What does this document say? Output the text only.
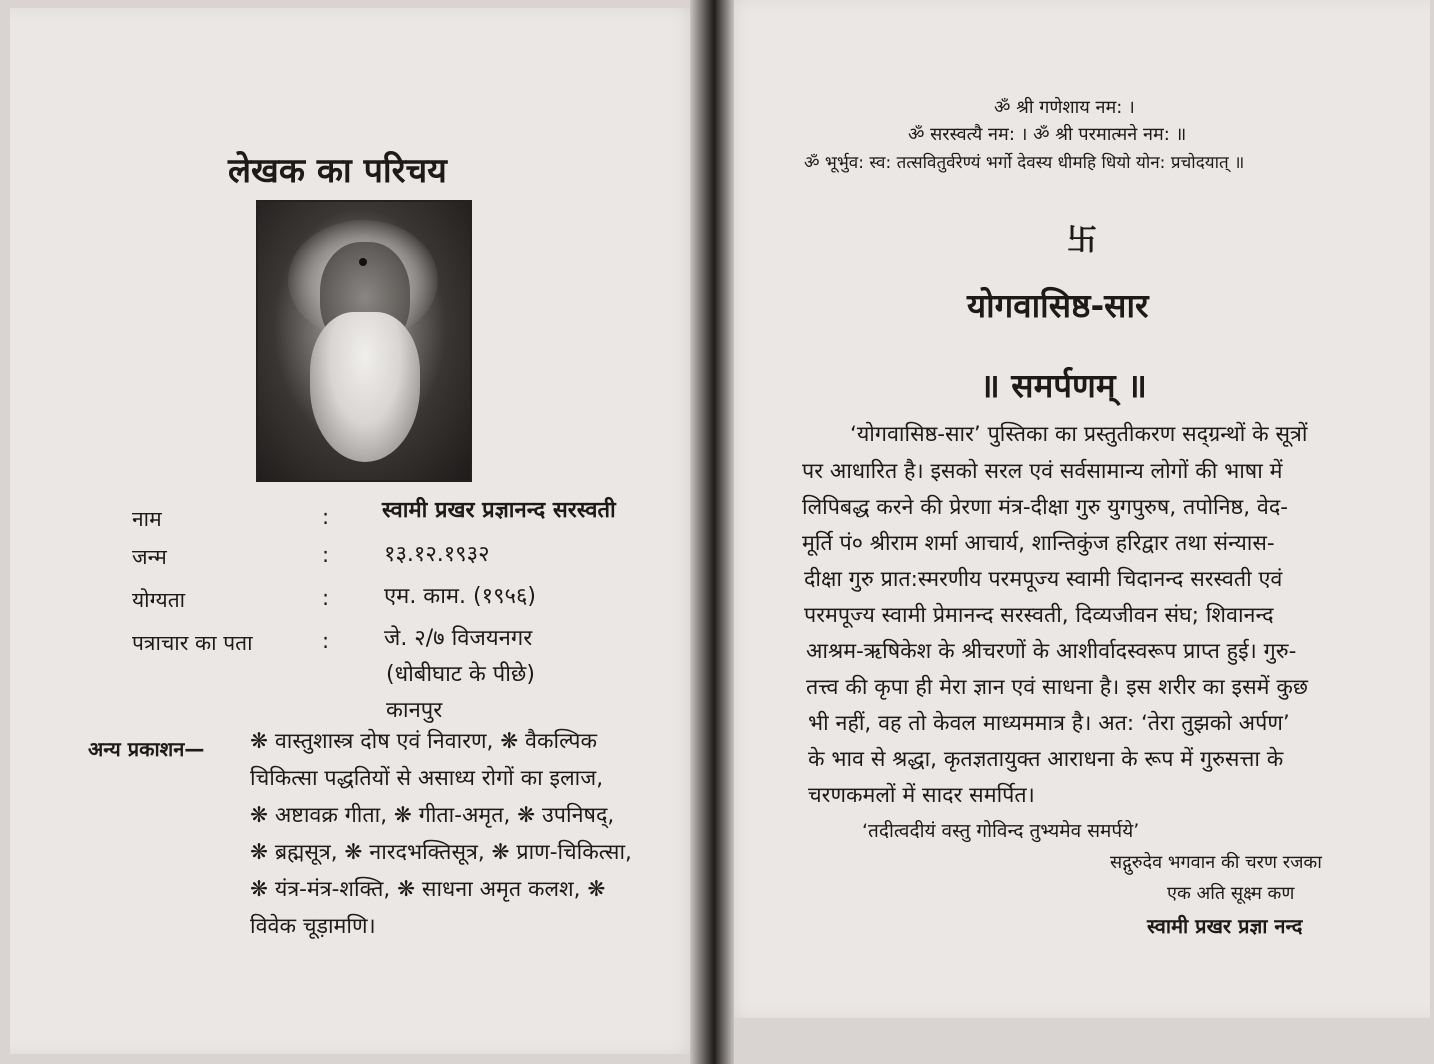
ॐ श्री गणेशाय नम: ।
ॐ सरस्वत्यै नम: । ॐ श्री परमात्मने नम: ॥
ॐ भूर्भुव: स्व: तत्सवितुर्वरेण्यं भर्गो देवस्य धीमहि धियो योन: प्रचोदयात् ॥
卐
योगवासिष्ठ-सार
॥ समर्पणम् ॥
‘योगवासिष्ठ-सार’ पुस्तिका का प्रस्तुतीकरण सद्ग्रन्थों के सूत्रों
पर आधारित है। इसको सरल एवं सर्वसामान्य लोगों की भाषा में
लिपिबद्ध करने की प्रेरणा मंत्र-दीक्षा गुरु युगपुरुष, तपोनिष्ठ, वेद-
मूर्ति पं० श्रीराम शर्मा आचार्य, शान्तिकुंज हरिद्वार तथा संन्यास-
दीक्षा गुरु प्रात:स्मरणीय परमपूज्य स्वामी चिदानन्द सरस्वती एवं
परमपूज्य स्वामी प्रेमानन्द सरस्वती, दिव्यजीवन संघ; शिवानन्द
आश्रम-ऋषिकेश के श्रीचरणों के आशीर्वादस्वरूप प्राप्त हुई। गुरु-
तत्त्व की कृपा ही मेरा ज्ञान एवं साधना है। इस शरीर का इसमें कुछ
भी नहीं, वह तो केवल माध्यममात्र है। अत: ‘तेरा तुझको अर्पण’
के भाव से श्रद्धा, कृतज्ञतायुक्त आराधना के रूप में गुरुसत्ता के
चरणकमलों में सादर समर्पित।
‘तदीत्वदीयं वस्तु गोविन्द तुभ्यमेव समर्पये’
सद्गुरुदेव भगवान की चरण रजका
एक अति सूक्ष्म कण
स्वामी प्रखर प्रज्ञा नन्द
लेखक का परिचय
नाम	: स्वामी प्रखर प्रज्ञानन्द सरस्वती
जन्म	: १३.१२.१९३२
योग्यता	: एम. काम. (१९५६)
पत्राचार का पता	: जे. २/७ विजयनगर
(धोबीघाट के पीछे)
कानपुर
अन्य प्रकाशन— ❋ वास्तुशास्त्र दोष एवं निवारण, ❋ वैकल्पिक
चिकित्सा पद्धतियों से असाध्य रोगों का इलाज,
❋ अष्टावक्र गीता, ❋ गीता-अमृत, ❋ उपनिषद्,
❋ ब्रह्मसूत्र, ❋ नारदभक्तिसूत्र, ❋ प्राण-चिकित्सा,
❋ यंत्र-मंत्र-शक्ति, ❋ साधना अमृत कलश, ❋
विवेक चूड़ामणि।
